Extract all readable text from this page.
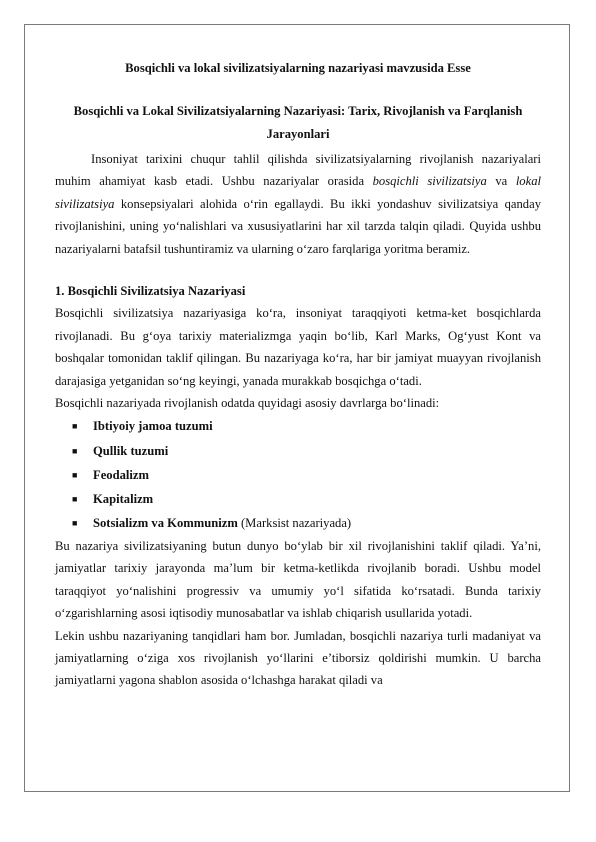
Bosqichli va lokal sivilizatsiyalarning nazariyasi mavzusida Esse

Bosqichli va Lokal Sivilizatsiyalarning Nazariyasi: Tarix, Rivojlanish va Farqlanish Jarayonlari

Insoniyat tarixini chuqur tahlil qilishda sivilizatsiyalarning rivojlanish nazariyalari muhim ahamiyat kasb etadi. Ushbu nazariyalar orasida bosqichli sivilizatsiya va lokal sivilizatsiya konsepsiyalari alohida o‘rin egallaydi. Bu ikki yondashuv sivilizatsiya qanday rivojlanishini, uning yo‘nalishlari va xususiyatlarini har xil tarzda talqin qiladi. Quyida ushbu nazariyalarni batafsil tushuntiramiz va ularning o‘zaro farqlariga yoritma beramiz.

1. Bosqichli Sivilizatsiya Nazariyasi

Bosqichli sivilizatsiya nazariyasiga ko‘ra, insoniyat taraqqiyoti ketma-ket bosqichlarda rivojlanadi. Bu g‘oya tarixiy materializmga yaqin bo‘lib, Karl Marks, Og‘yust Kont va boshqalar tomonidan taklif qilingan. Bu nazariyaga ko‘ra, har bir jamiyat muayyan rivojlanish darajasiga yetganidan so‘ng keyingi, yanada murakkab bosqichga o‘tadi.

Bosqichli nazariyada rivojlanish odatda quyidagi asosiy davrlarga bo‘linadi:

■ Ibtiyoiy jamoa tuzumi
■ Qullik tuzumi
■ Feodalizm
■ Kapitalizm
■ Sotsializm va Kommunizm (Marksist nazariyada)

Bu nazariya sivilizatsiyaning butun dunyo bo‘ylab bir xil rivojlanishini taklif qiladi. Ya’ni, jamiyatlar tarixiy jarayonda ma’lum bir ketma-ketlikda rivojlanib boradi. Ushbu model taraqqiyot yo‘nalishini progressiv va umumiy yo‘l sifatida ko‘rsatadi. Bunda tarixiy o‘zgarishlarning asosi iqtisodiy munosabatlar va ishlab chiqarish usullarida yotadi.

Lekin ushbu nazariyaning tanqidlari ham bor. Jumladan, bosqichli nazariya turli madaniyat va jamiyatlarning o‘ziga xos rivojlanish yo‘llarini e’tiborsiz qoldirishi mumkin. U barcha jamiyatlarni yagona shablon asosida o‘lchashga harakat qiladi va
